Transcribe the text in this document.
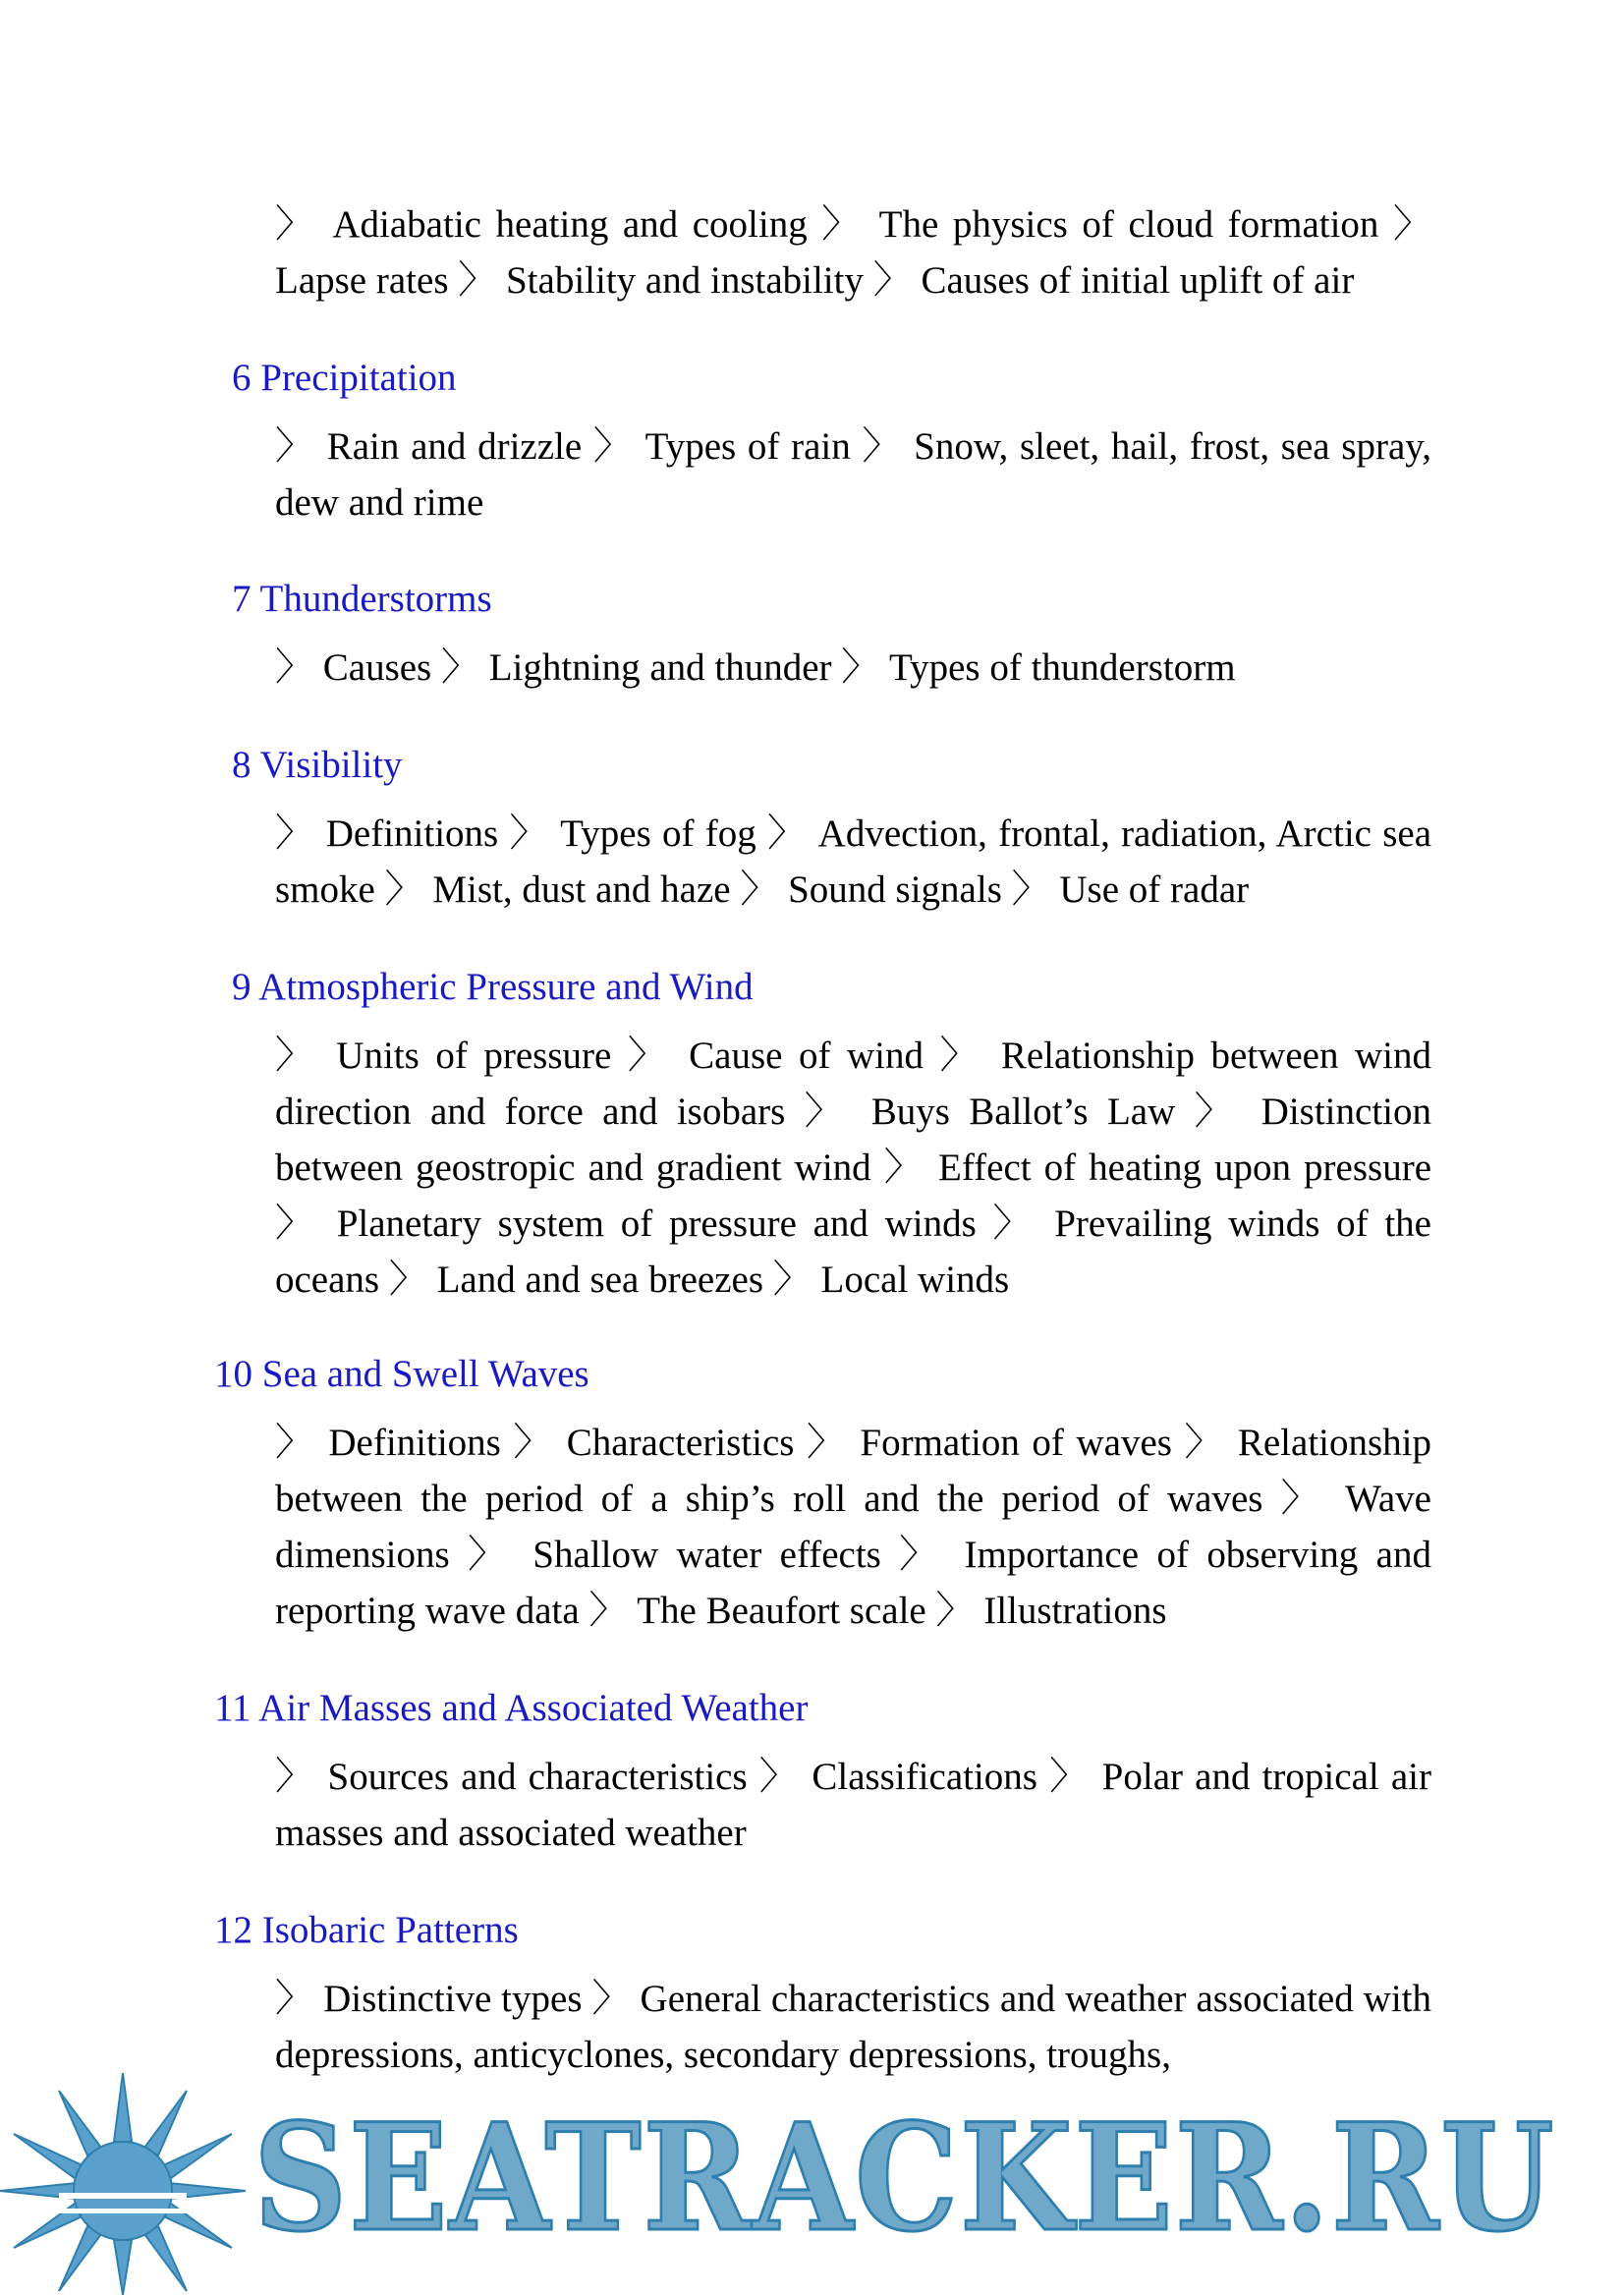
〉 Adiabatic heating and cooling 〉 The physics of cloud formation 〉 Lapse rates 〉 Stability and instability 〉 Causes of initial uplift of air

6 Precipitation

〉 Rain and drizzle 〉 Types of rain 〉 Snow, sleet, hail, frost, sea spray, dew and rime

7 Thunderstorms

〉 Causes 〉 Lightning and thunder 〉 Types of thunderstorm

8 Visibility

〉 Definitions 〉 Types of fog 〉 Advection, frontal, radiation, Arctic sea smoke 〉 Mist, dust and haze 〉 Sound signals 〉 Use of radar

9 Atmospheric Pressure and Wind

〉 Units of pressure 〉 Cause of wind 〉 Relationship between wind direction and force and isobars 〉 Buys Ballot’s Law 〉 Distinction between geostropic and gradient wind 〉 Effect of heating upon pressure 〉 Planetary system of pressure and winds 〉 Prevailing winds of the oceans 〉 Land and sea breezes 〉 Local winds

10 Sea and Swell Waves

〉 Definitions 〉 Characteristics 〉 Formation of waves 〉 Relationship between the period of a ship’s roll and the period of waves 〉 Wave dimensions 〉 Shallow water effects 〉 Importance of observing and reporting wave data 〉 The Beaufort scale 〉 Illustrations

11 Air Masses and Associated Weather

〉 Sources and characteristics 〉 Classifications 〉 Polar and tropical air masses and associated weather

12 Isobaric Patterns

〉 Distinctive types 〉 General characteristics and weather associated with depressions, anticyclones, secondary depressions, troughs,

SEATRACKER.RU
